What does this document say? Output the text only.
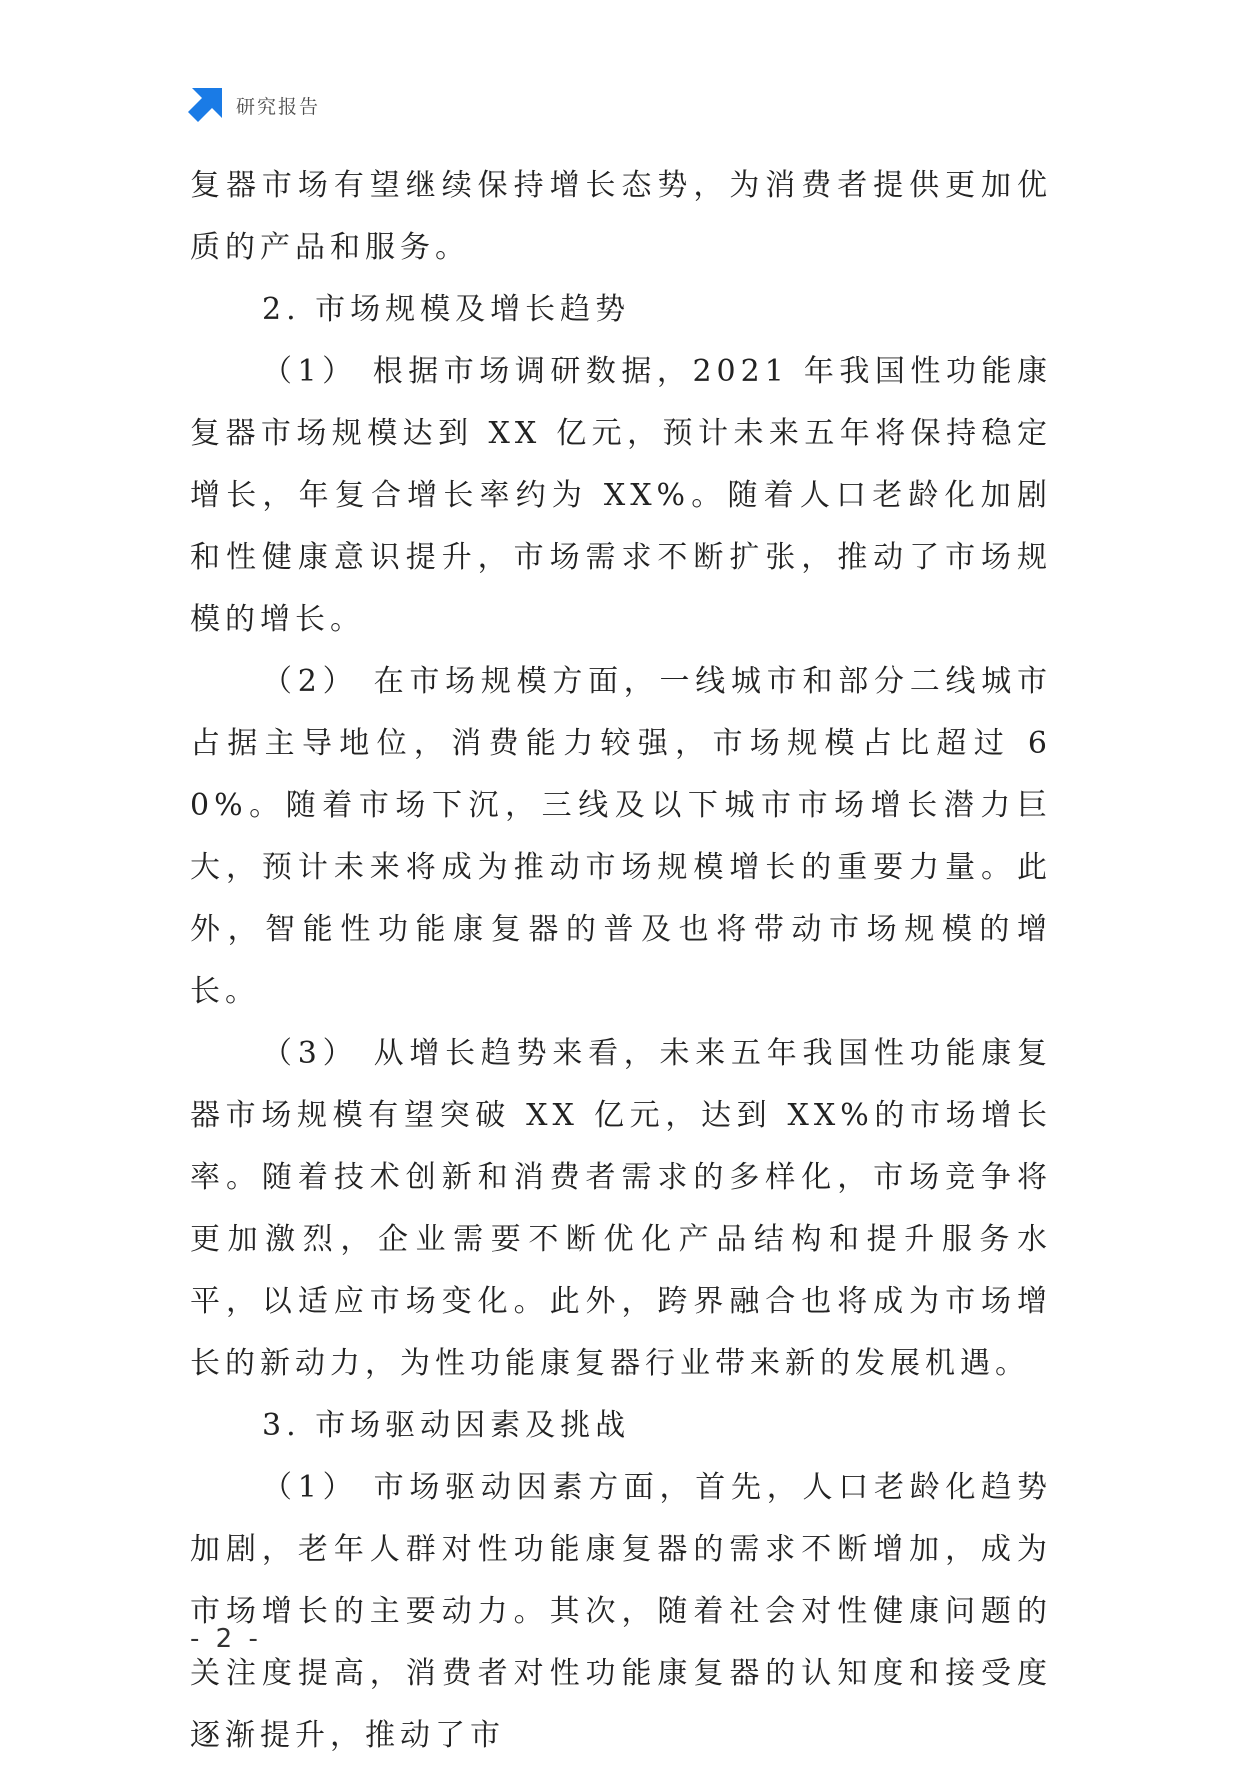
研究报告

复器市场有望继续保持增长态势，为消费者提供更加优质的产品和服务。

2. 市场规模及增长趋势

（1） 根据市场调研数据，2021 年我国性功能康复器市场规模达到 XX 亿元，预计未来五年将保持稳定增长，年复合增长率约为 XX%。随着人口老龄化加剧和性健康意识提升，市场需求不断扩张，推动了市场规模的增长。

（2） 在市场规模方面，一线城市和部分二线城市占据主导地位，消费能力较强，市场规模占比超过 60%。随着市场下沉，三线及以下城市市场增长潜力巨大，预计未来将成为推动市场规模增长的重要力量。此外，智能性功能康复器的普及也将带动市场规模的增长。

（3） 从增长趋势来看，未来五年我国性功能康复器市场规模有望突破 XX 亿元，达到 XX%的市场增长率。随着技术创新和消费者需求的多样化，市场竞争将更加激烈，企业需要不断优化产品结构和提升服务水平，以适应市场变化。此外，跨界融合也将成为市场增长的新动力，为性功能康复器行业带来新的发展机遇。

3. 市场驱动因素及挑战

（1） 市场驱动因素方面，首先，人口老龄化趋势加剧，老年人群对性功能康复器的需求不断增加，成为市场增长的主要动力。其次，随着社会对性健康问题的关注度提高，消费者对性功能康复器的认知度和接受度逐渐提升，推动了市

- 2 -
